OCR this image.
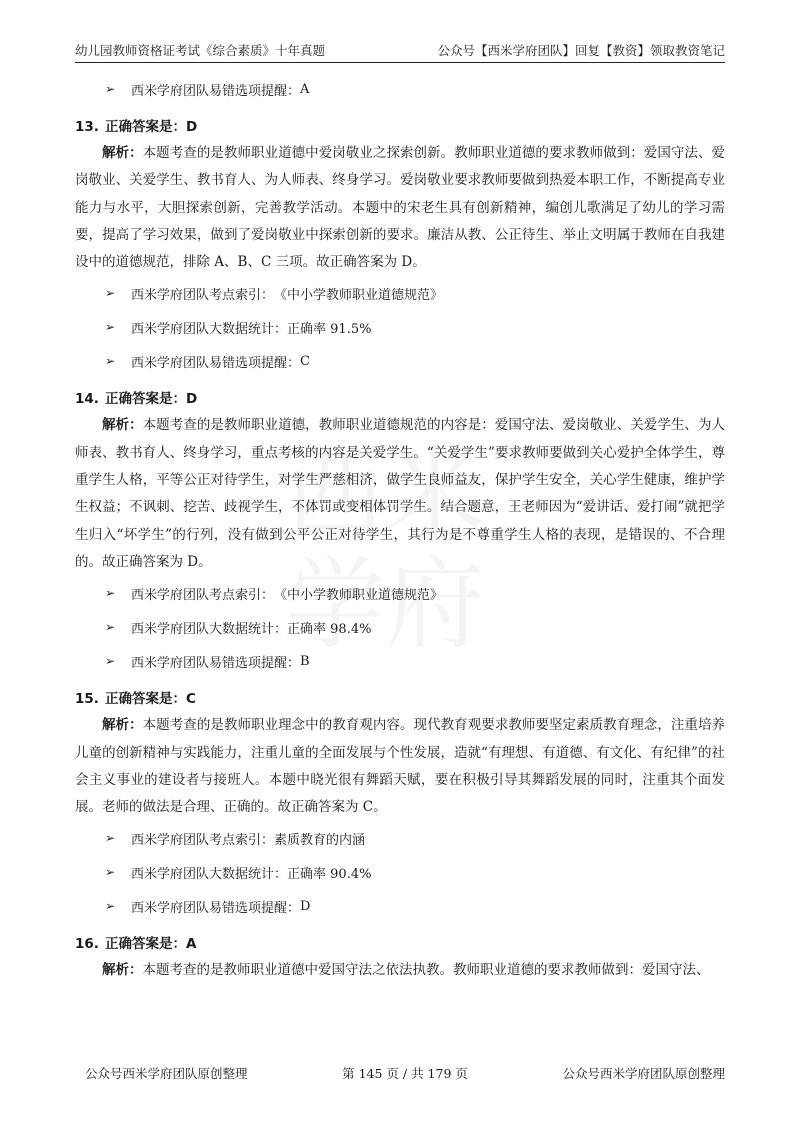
幼儿园教师资格证考试《综合素质》十年真题	公众号【西米学府团队】回复【教资】领取教资笔记
➢	西米学府团队易错选项提醒： A
13. 正确答案是：D
解析：本题考查的是教师职业道德中爱岗敬业之探索创新。教师职业道德的要求教师做到：爱国守法、爱岗敬业、关爱学生、教书育人、为人师表、终身学习。爱岗敬业要求教师要做到热爱本职工作，不断提高专业能力与水平，大胆探索创新，完善教学活动。本题中的宋老生具有创新精神，编创儿歌满足了幼儿的学习需要，提高了学习效果，做到了爱岗敬业中探索创新的要求。廉洁从教、公正待生、举止文明属于教师在自我建设中的道德规范，排除 A、B、C 三项。故正确答案为 D。
➢	西米学府团队考点索引： 《中小学教师职业道德规范》
➢	西米学府团队大数据统计： 正确率 91.5%
➢	西米学府团队易错选项提醒： C
14. 正确答案是：D
解析：本题考查的是教师职业道德，教师职业道德规范的内容是：爱国守法、爱岗敬业、关爱学生、为人师表、教书育人、终身学习，重点考核的内容是关爱学生。“关爱学生”要求教师要做到关心爱护全体学生，尊重学生人格，平等公正对待学生，对学生严慈相济，做学生良师益友，保护学生安全，关心学生健康，维护学生权益；不讽刺、挖苦、歧视学生，不体罚或变相体罚学生。结合题意，王老师因为“爱讲话、爱打闹”就把学生归入“坏学生”的行列，没有做到公平公正对待学生，其行为是不尊重学生人格的表现，是错误的、不合理的。故正确答案为 D。
➢	西米学府团队考点索引： 《中小学教师职业道德规范》
➢	西米学府团队大数据统计： 正确率 98.4%
➢	西米学府团队易错选项提醒： B
15. 正确答案是：C
解析：本题考查的是教师职业理念中的教育观内容。现代教育观要求教师要坚定素质教育理念，注重培养儿童的创新精神与实践能力，注重儿童的全面发展与个性发展，造就“有理想、有道德、有文化、有纪律”的社会主义事业的建设者与接班人。本题中晓光很有舞蹈天赋，要在积极引导其舞蹈发展的同时，注重其个面发展。老师的做法是合理、正确的。故正确答案为 C。
➢	西米学府团队考点索引： 素质教育的内涵
➢	西米学府团队大数据统计： 正确率 90.4%
➢	西米学府团队易错选项提醒： D
16. 正确答案是：A
解析：本题考查的是教师职业道德中爱国守法之依法执教。教师职业道德的要求教师做到：爱国守法、
公众号西米学府团队原创整理	第 145 页 / 共 179 页	公众号西米学府团队原创整理
